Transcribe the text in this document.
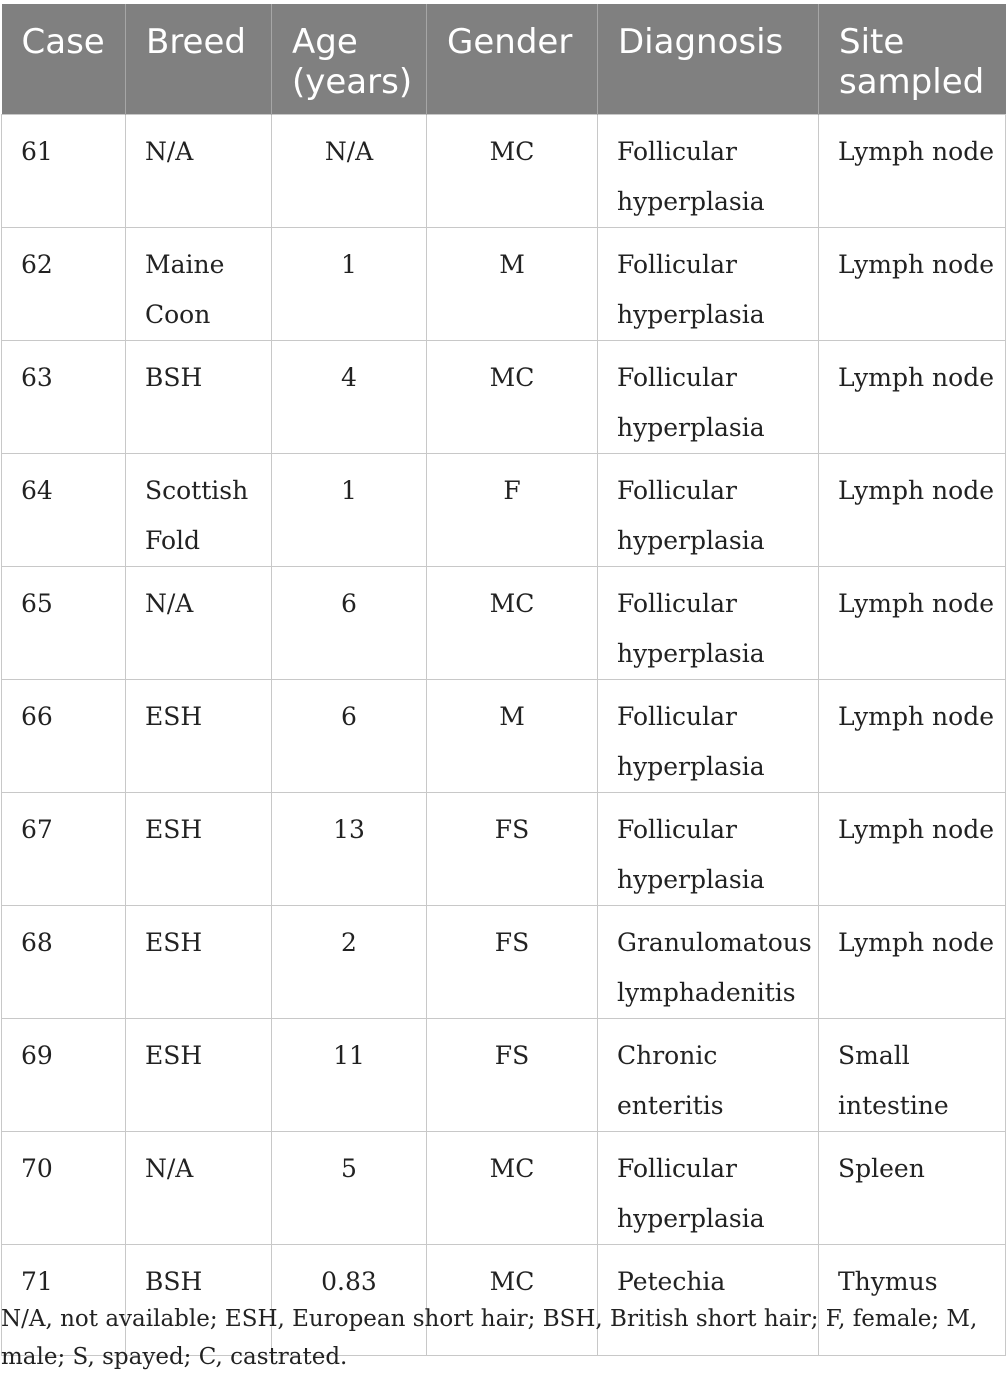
Case	Breed	Age (years)	Gender	Diagnosis	Site sampled
61	N/A	N/A	MC	Follicular hyperplasia	Lymph node
62	Maine Coon	1	M	Follicular hyperplasia	Lymph node
63	BSH	4	MC	Follicular hyperplasia	Lymph node
64	Scottish Fold	1	F	Follicular hyperplasia	Lymph node
65	N/A	6	MC	Follicular hyperplasia	Lymph node
66	ESH	6	M	Follicular hyperplasia	Lymph node
67	ESH	13	FS	Follicular hyperplasia	Lymph node
68	ESH	2	FS	Granulomatous lymphadenitis	Lymph node
69	ESH	11	FS	Chronic enteritis	Small intestine
70	N/A	5	MC	Follicular hyperplasia	Spleen
71	BSH	0.83	MC	Petechia	Thymus
N/A, not available; ESH, European short hair; BSH, British short hair; F, female; M, male; S, spayed; C, castrated.
